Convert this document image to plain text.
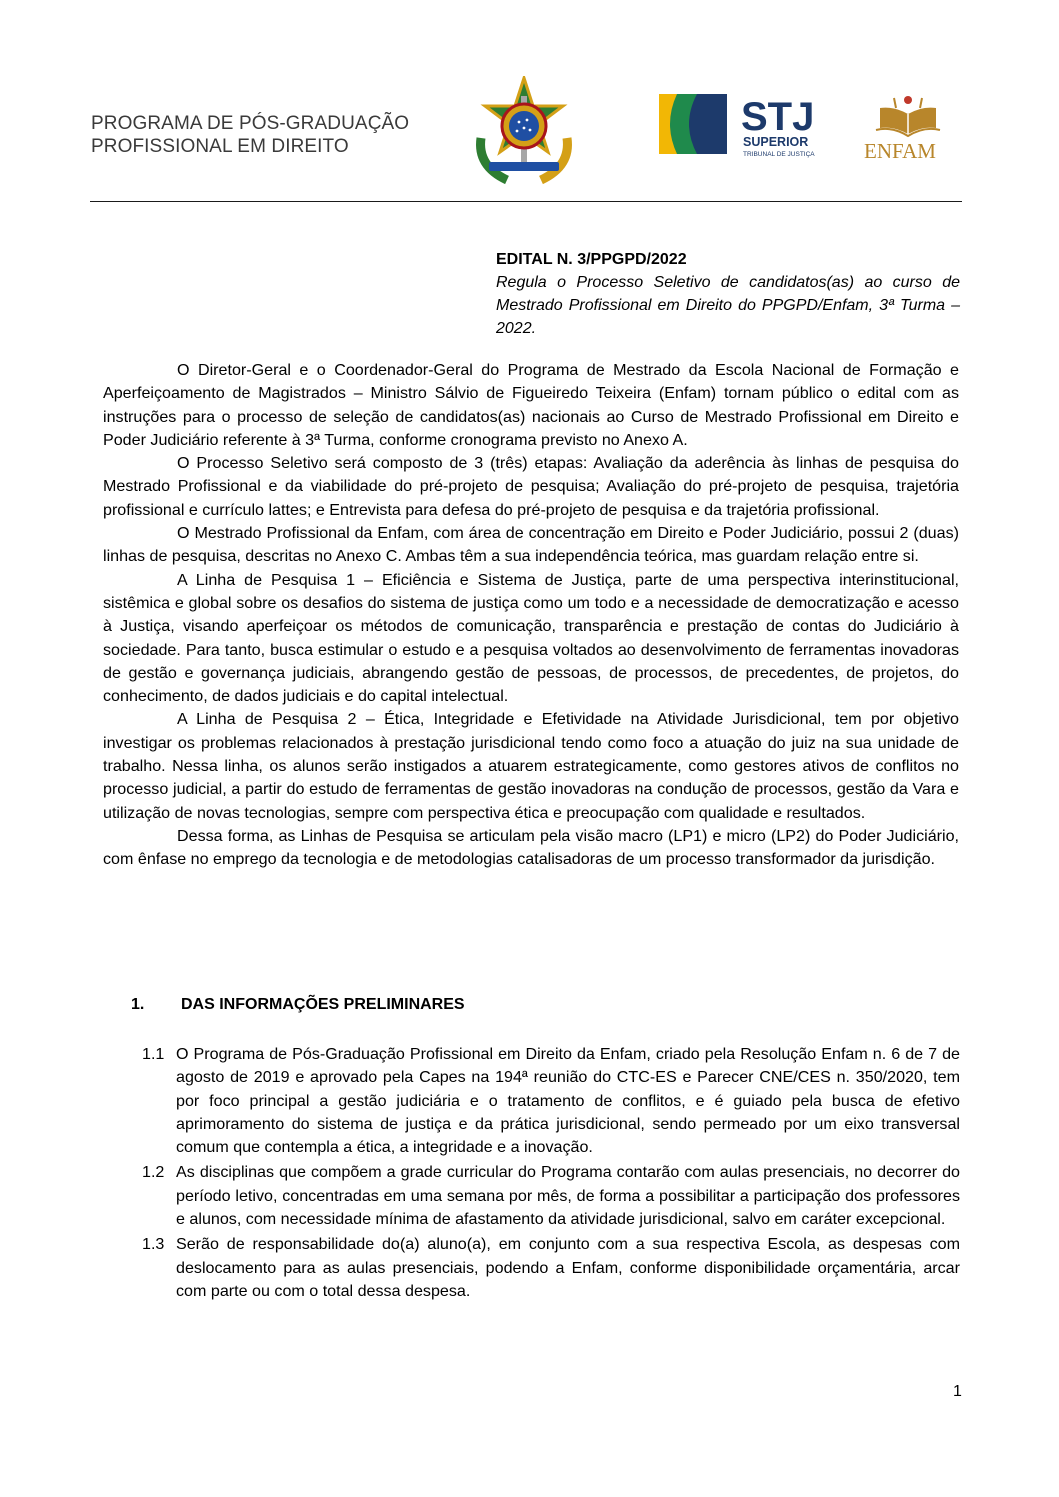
PROGRAMA DE PÓS-GRADUAÇÃO
PROFISSIONAL EM DIREITO
STJ
SUPERIOR
TRIBUNAL DE JUSTIÇA ENFAM
EDITAL N. 3/PPGPD/2022
Regula o Processo Seletivo de candidatos(as) ao curso de Mestrado Profissional em Direito do PPGPD/Enfam, 3ª Turma – 2022.

O Diretor-Geral e o Coordenador-Geral do Programa de Mestrado da Escola Nacional de Formação e Aperfeiçoamento de Magistrados – Ministro Sálvio de Figueiredo Teixeira (Enfam) tornam público o edital com as instruções para o processo de seleção de candidatos(as) nacionais ao Curso de Mestrado Profissional em Direito e Poder Judiciário referente à 3ª Turma, conforme cronograma previsto no Anexo A.

O Processo Seletivo será composto de 3 (três) etapas: Avaliação da aderência às linhas de pesquisa do Mestrado Profissional e da viabilidade do pré-projeto de pesquisa; Avaliação do pré-projeto de pesquisa, trajetória profissional e currículo lattes; e Entrevista para defesa do pré-projeto de pesquisa e da trajetória profissional.

O Mestrado Profissional da Enfam, com área de concentração em Direito e Poder Judiciário, possui 2 (duas) linhas de pesquisa, descritas no Anexo C. Ambas têm a sua independência teórica, mas guardam relação entre si.

A Linha de Pesquisa 1 – Eficiência e Sistema de Justiça, parte de uma perspectiva interinstitucional, sistêmica e global sobre os desafios do sistema de justiça como um todo e a necessidade de democratização e acesso à Justiça, visando aperfeiçoar os métodos de comunicação, transparência e prestação de contas do Judiciário à sociedade. Para tanto, busca estimular o estudo e a pesquisa voltados ao desenvolvimento de ferramentas inovadoras de gestão e governança judiciais, abrangendo gestão de pessoas, de processos, de precedentes, de projetos, do conhecimento, de dados judiciais e do capital intelectual.

A Linha de Pesquisa 2 – Ética, Integridade e Efetividade na Atividade Jurisdicional, tem por objetivo investigar os problemas relacionados à prestação jurisdicional tendo como foco a atuação do juiz na sua unidade de trabalho. Nessa linha, os alunos serão instigados a atuarem estrategicamente, como gestores ativos de conflitos no processo judicial, a partir do estudo de ferramentas de gestão inovadoras na condução de processos, gestão da Vara e utilização de novas tecnologias, sempre com perspectiva ética e preocupação com qualidade e resultados.

Dessa forma, as Linhas de Pesquisa se articulam pela visão macro (LP1) e micro (LP2) do Poder Judiciário, com ênfase no emprego da tecnologia e de metodologias catalisadoras de um processo transformador da jurisdição.

1. DAS INFORMAÇÕES PRELIMINARES
1.1 O Programa de Pós-Graduação Profissional em Direito da Enfam, criado pela Resolução Enfam n. 6 de 7 de agosto de 2019 e aprovado pela Capes na 194ª reunião do CTC-ES e Parecer CNE/CES n. 350/2020, tem por foco principal a gestão judiciária e o tratamento de conflitos, e é guiado pela busca de efetivo aprimoramento do sistema de justiça e da prática jurisdicional, sendo permeado por um eixo transversal comum que contempla a ética, a integridade e a inovação.
1.2 As disciplinas que compõem a grade curricular do Programa contarão com aulas presenciais, no decorrer do período letivo, concentradas em uma semana por mês, de forma a possibilitar a participação dos professores e alunos, com necessidade mínima de afastamento da atividade jurisdicional, salvo em caráter excepcional.
1.3 Serão de responsabilidade do(a) aluno(a), em conjunto com a sua respectiva Escola, as despesas com deslocamento para as aulas presenciais, podendo a Enfam, conforme disponibilidade orçamentária, arcar com parte ou com o total dessa despesa.
1
